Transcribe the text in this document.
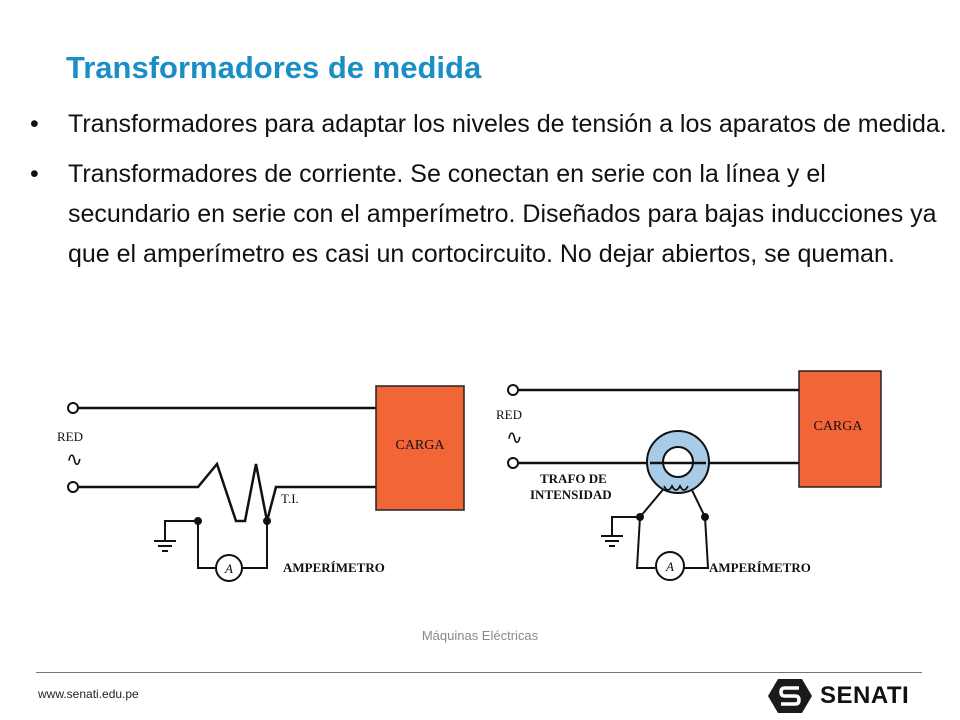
Transformadores de medida
• Transformadores para adaptar los niveles de tensión a los aparatos de medida.
• Transformadores de corriente. Se conectan en serie con la línea y el secundario en serie con el amperímetro. Diseñados para bajas inducciones ya que el amperímetro es casi un cortocircuito. No dejar abiertos, se queman.
CARGA
RED
∿
T.I.
A	AMPERÍMETRO
CARGA
RED
∿
TRAFO DE
INTENSIDAD
A	AMPERÍMETRO
Máquinas Eléctricas
www.senati.edu.pe	SENATI
